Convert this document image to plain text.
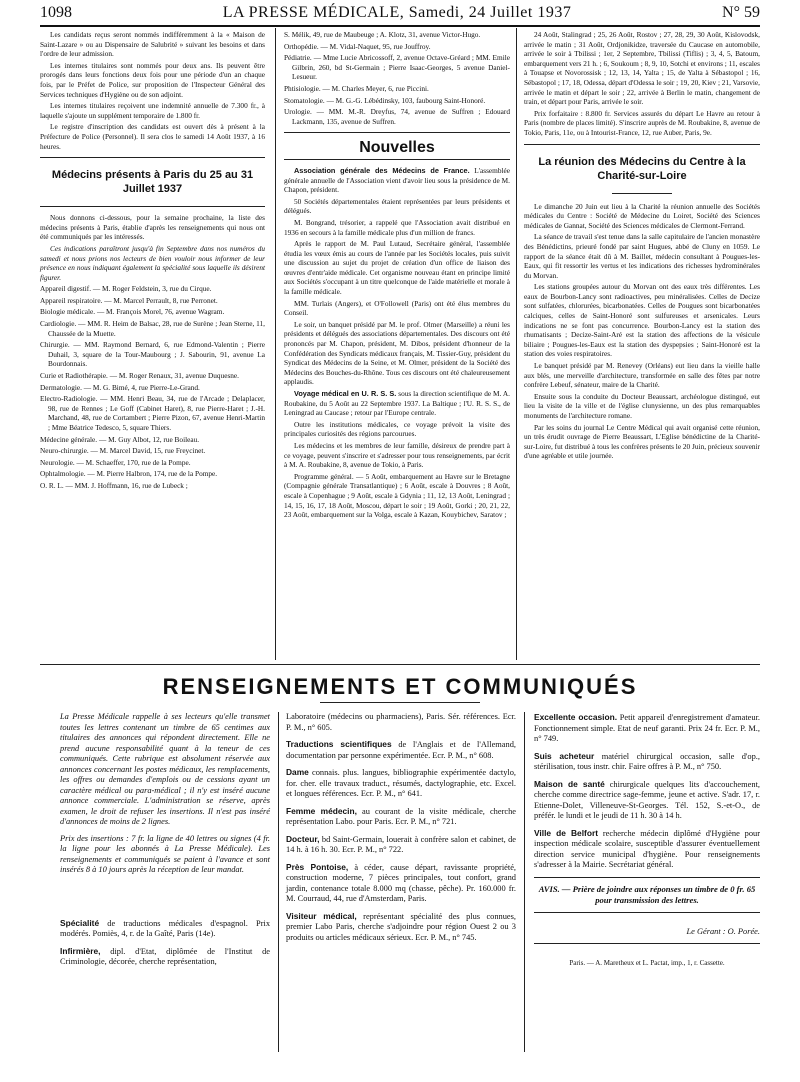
1098	LA PRESSE MÉDICALE, Samedi, 24 Juillet 1937	N° 59

Les candidats reçus seront nommés indifféremment à la « Maison de Saint-Lazare » ou au Dispensaire de Salubrité » suivant les besoins et dans l'ordre de leur admission.

Les internes titulaires sont nommés pour deux ans. Ils peuvent être prorogés dans leurs fonctions deux fois pour une période d'un an chaque fois, par le Préfet de Police, sur proposition de l'Inspecteur Général des Services techniques d'Hygiène ou de son adjoint.

Les internes titulaires reçoivent une indemnité annuelle de 7.300 fr., à laquelle s'ajoute un supplément temporaire de 1.800 fr.

Le registre d'inscription des candidats est ouvert dès à présent à la Préfecture de Police (Personnel). Il sera clos le samedi 14 Août 1937, à 16 heures.

Médecins présents à Paris du 25 au 31 Juillet 1937

Nous donnons ci-dessous, pour la semaine prochaine, la liste des médecins présents à Paris, établie d'après les renseignements qui nous ont été communiqués par les intéressés.

Ces indications paraîtront jusqu'à fin Septembre dans nos numéros du samedi et nous prions nos lecteurs de bien vouloir nous informer de leur présence en nous indiquant également la spécialité sous laquelle ils désirent figurer.

Appareil digestif. — M. Roger Feldstein, 3, rue du Cirque.

Appareil respiratoire. — M. Marcel Perrault, 8, rue Perronet.

Biologie médicale. — M. François Morel, 76, avenue Wagram.

Cardiologie. — MM. R. Heim de Balsac, 28, rue de Surène ; Jean Sterne, 11, Chaussée de la Muette.

Chirurgie. — MM. Raymond Bernard, 6, rue Edmond-Valentin ; Pierre Duhail, 3, square de la Tour-Maubourg ; J. Sabourin, 91, avenue La Bourdonnais.

Curie et Radiothérapie. — M. Roger Renaux, 31, avenue Duquesne.

Dermatologie. — M. G. Bimé, 4, rue Pierre-Le-Grand.

Electro-Radiologie. — MM. Henri Beau, 34, rue de l'Arcade ; Delaplacer, 98, rue de Rennes ; Le Goff (Cabinet Haret), 8, rue Pierre-Haret ; J.-H. Marchand, 48, rue de Cortambert ; Pierre Pizon, 67, avenue Henri-Martin ; Mme Béatrice Tedesco, 5, square Thiers.

Médecine générale. — M. Guy Albot, 12, rue Boileau.

Neuro-chirurgie. — M. Marcel David, 15, rue Freycinet.

Neurologie. — M. Schaeffer, 170, rue de la Pompe.

Ophtalmologie. — M. Pierre Halbron, 174, rue de la Pompe.

O. R. L. — MM. J. Hoffmann, 16, rue de Lubeck ;

S. Mélik, 49, rue de Maubeuge ; A. Klotz, 31, avenue Victor-Hugo.

Orthopédie. — M. Vidal-Naquet, 95, rue Jouffroy.

Pédiatrie. — Mme Lucie Abricossoff, 2, avenue Octave-Gréard ; MM. Emile Gilbrin, 260, bd St-Germain ; Pierre Isaac-Georges, 5 avenue Daniel-Lesueur.

Phtisiologie. — M. Charles Meyer, 6, rue Piccini.

Stomatologie. — M. G.-G. Lébédinsky, 103, faubourg Saint-Honoré.

Urologie. — MM. M.-R. Dreyfus, 74, avenue de Suffren ; Edouard Lackmann, 135, avenue de Suffren.

Nouvelles

Association générale des Médecins de France. L'assemblée générale annuelle de l'Association vient d'avoir lieu sous la présidence de M. Chapon, président.

50 Sociétés départementales étaient représentées par leurs présidents et délégués.

M. Bongrand, trésorier, a rappelé que l'Association avait distribué en 1936 en secours à la famille médicale plus d'un million de francs.

Après le rapport de M. Paul Lutaud, Secrétaire général, l'assemblée étudia les vœux émis au cours de l'année par les Sociétés locales, puis suivit une discussion au sujet du projet de création d'un office de liaison des œuvres d'entr'aide médicale. Cet organisme nouveau étant en principe limité aux Sociétés s'occupant à un titre quelconque de l'aide matérielle et morale à la famille médicale.

MM. Turlais (Angers), et O'Followell (Paris) ont été élus membres du Conseil.

Le soir, un banquet présidé par M. le prof. Olmer (Marseille) a réuni les présidents et délégués des associations départementales. Des discours ont été prononcés par M. Chapon, président, M. Dibos, président d'honneur de la Confédération des Syndicats médicaux français, M. Tissier-Guy, président du Syndicat des Médecins de la Seine, et M. Olmer, président de la Société des Médecins des Bouches-du-Rhône. Tous ces discours ont été chaleureusement applaudis.

Voyage médical en U. R. S. S. sous la direction scientifique de M. A. Roubakine, du 5 Août au 22 Septembre 1937. La Baltique ; l'U. R. S. S., de Leningrad au Caucase ; retour par l'Europe centrale.

Outre les institutions médicales, ce voyage prévoit la visite des principales curiosités des régions parcourues.

Les médecins et les membres de leur famille, désireux de prendre part à ce voyage, peuvent s'inscrire et s'adresser pour tous renseignements, par écrit à M. A. Roubakine, 8, avenue de Tokio, à Paris.

Programme général. — 5 Août, embarquement au Havre sur le Bretagne (Compagnie générale Transatlantique) ; 6 Août, escale à Douvres ; 8 Août, escale à Copenhague ; 9 Août, escale à Gdynia ; 11, 12, 13 Août, Leningrad ; 14, 15, 16, 17, 18 Août, Moscou, départ le soir ; 19 Août, Gorki ; 20, 21, 22, 23 Août, embarquement sur la Volga, escale à Kazan, Kouybichev, Saratov ;

24 Août, Stalingrad ; 25, 26 Août, Rostov ; 27, 28, 29, 30 Août, Kislovodsk, arrivée le matin ; 31 Août, Ordjonikidze, traversée du Caucase en automobile, arrivée le soir à Tbilissi ; 1er, 2 Septembre, Tbilissi (Tiflis) ; 3, 4, 5, Batoum, embarquement vers 21 h. ; 6, Soukoum ; 8, 9, 10, Sotchi et environs ; 11, escales à Touapse et Novorossisk ; 12, 13, 14, Yalta ; 15, de Yalta à Sébastopol ; 16, Sébastopol ; 17, 18, Odessa, départ d'Odessa le soir ; 19, 20, Kiev ; 21, Varsovie, arrivée le matin et départ le soir ; 22, arrivée à Berlin le matin, changement de train, et départ pour Paris, arrivée le soir.

Prix forfaitaire : 8.800 fr. Services assurés du départ Le Havre au retour à Paris (nombre de places limité). S'inscrire auprès de M. Roubakine, 8, avenue de Tokio, Paris, 11e, ou à Intourist-France, 12, rue Auber, Paris, 9e.

La réunion des Médecins du Centre à la Charité-sur-Loire

Le dimanche 20 Juin eut lieu à la Charité la réunion annuelle des Sociétés médicales du Centre : Société de Médecine du Loiret, Société des Sciences médicales de Gannat, Société des Sciences médicales de Clermont-Ferrand.

La séance de travail s'est tenue dans la salle capitulaire de l'ancien monastère des Bénédictins, prieuré fondé par saint Hugues, abbé de Cluny en 1059. Le rapport de la séance était dû à M. Baillet, médecin consultant à Pougues-les-Eaux, qui fit ressortir les vertus et les indications des richesses hydrominérales du Morvan.

Les stations groupées autour du Morvan ont des eaux très différentes. Les eaux de Bourbon-Lancy sont radioactives, peu minéralisées. Celles de Decize sont sulfatées, chlorurées, bicarbonatées. Celles de Pougues sont bicarbonatées calciques, celles de Saint-Honoré sont sulfureuses et arsenicales. Leurs indications ne se font pas concurrence. Bourbon-Lancy est la station des rhumatisants ; Decize-Saint-Aré est la station des affections de la vésicule biliaire ; Pougues-les-Eaux est la station des dyspepsies ; Saint-Honoré est la station des voies respiratoires.

Le banquet présidé par M. Renevey (Orléans) eut lieu dans la vieille halle aux blés, une merveille d'architecture, transformée en salle des fêtes par notre confrère Lebeuf, sénateur, maire de la Charité.

Ensuite sous la conduite du Docteur Beaussart, archéologue distingué, eut lieu la visite de la ville et de l'église clunysienne, un des plus remarquables monuments de l'architecture romane.

Par les soins du journal Le Centre Médical qui avait organisé cette réunion, un très érudit ouvrage de Pierre Beaussart, L'Eglise bénédictine de la Charité-sur-Loire, fut distribué à tous les confrères présents le 20 Juin, précieux souvenir d'une agréable et utile journée.

RENSEIGNEMENTS ET COMMUNIQUÉS

La Presse Médicale rappelle à ses lecteurs qu'elle transmet toutes les lettres contenant un timbre de 65 centimes aux titulaires des annonces qui répondent directement. Elle ne prend aucune responsabilité quant à la teneur de ces communiqués. Cette rubrique est absolument réservée aux annonces concernant les postes médicaux, les remplacements, les offres ou demandes d'emplois ou de cessions ayant un caractère médical ou para-médical ; il n'y est inséré aucune annonce commerciale. L'administration se réserve, après examen, le droit de refuser les insertions. Il n'est pas inséré d'annonces de moins de 2 lignes.

Prix des insertions : 7 fr. la ligne de 40 lettres ou signes (4 fr. la ligne pour les abonnés à La Presse Médicale). Les renseignements et communiqués se paient à l'avance et sont insérés 8 à 10 jours après la réception de leur mandat.

Spécialité de traductions médicales d'espagnol. Prix modérés. Pomiès, 4, r. de la Gaîté, Paris (14e).

Infirmière, dipl. d'Etat, diplômée de l'Institut de Criminologie, décorée, cherche représentation,

Laboratoire (médecins ou pharmaciens), Paris. Sér. références. Ecr. P. M., n° 605.

Traductions scientifiques de l'Anglais et de l'Allemand, documentation par personne expérimentée. Ecr. P. M., n° 608.

Dame connais. plus. langues, bibliographie expérimentée dactylo, for. cher. elle travaux traduct., résumés, dactylographie, etc. Excel. et longues références. Ecr. P. M., n° 641.

Femme médecin, au courant de la visite médicale, cherche représentation Labo. pour Paris. Ecr. P. M., n° 721.

Docteur, bd Saint-Germain, louerait à confrère salon et cabinet, de 14 h. à 16 h. 30. Ecr. P. M., n° 722.

Près Pontoise, à céder, cause départ, ravissante propriété, construction moderne, 7 pièces principales, tout confort, grand jardin, contenance totale 8.000 mq (chasse, pêche). Pr. 160.000 fr. M. Courraud, 44, rue d'Amsterdam, Paris.

Visiteur médical, représentant spécialité des plus connues, premier Labo Paris, cherche s'adjoindre pour région Ouest 2 ou 3 produits ou articles médicaux sérieux. Ecr. P. M., n° 745.

Excellente occasion. Petit appareil d'enregistrement d'amateur. Fonctionnement simple. Etat de neuf garanti. Prix 24 fr. Ecr. P. M., n° 749.

Suis acheteur matériel chirurgical occasion, salle d'op., stérilisation, tous instr. chir. Faire offres à P. M., n° 750.

Maison de santé chirurgicale quelques lits d'accouchement, cherche comme directrice sage-femme, jeune et active. S'adr. 17, r. Etienne-Dolet, Villeneuve-St-Georges. Tél. 152, S.-et-O., de préfér. le lundi et le jeudi de 11 h. 30 à 14 h.

Ville de Belfort recherche médecin diplômé d'Hygiène pour inspection médicale scolaire, susceptible d'assurer éventuellement direction service municipal d'hygiène. Pour renseignements s'adresser à la Mairie. Secrétariat général.

AVIS. — Prière de joindre aux réponses un timbre de 0 fr. 65 pour transmission des lettres.
Le Gérant : O. Porée.
Paris. — A. Maretheux et L. Pactat, imp., 1, r. Cassette.
